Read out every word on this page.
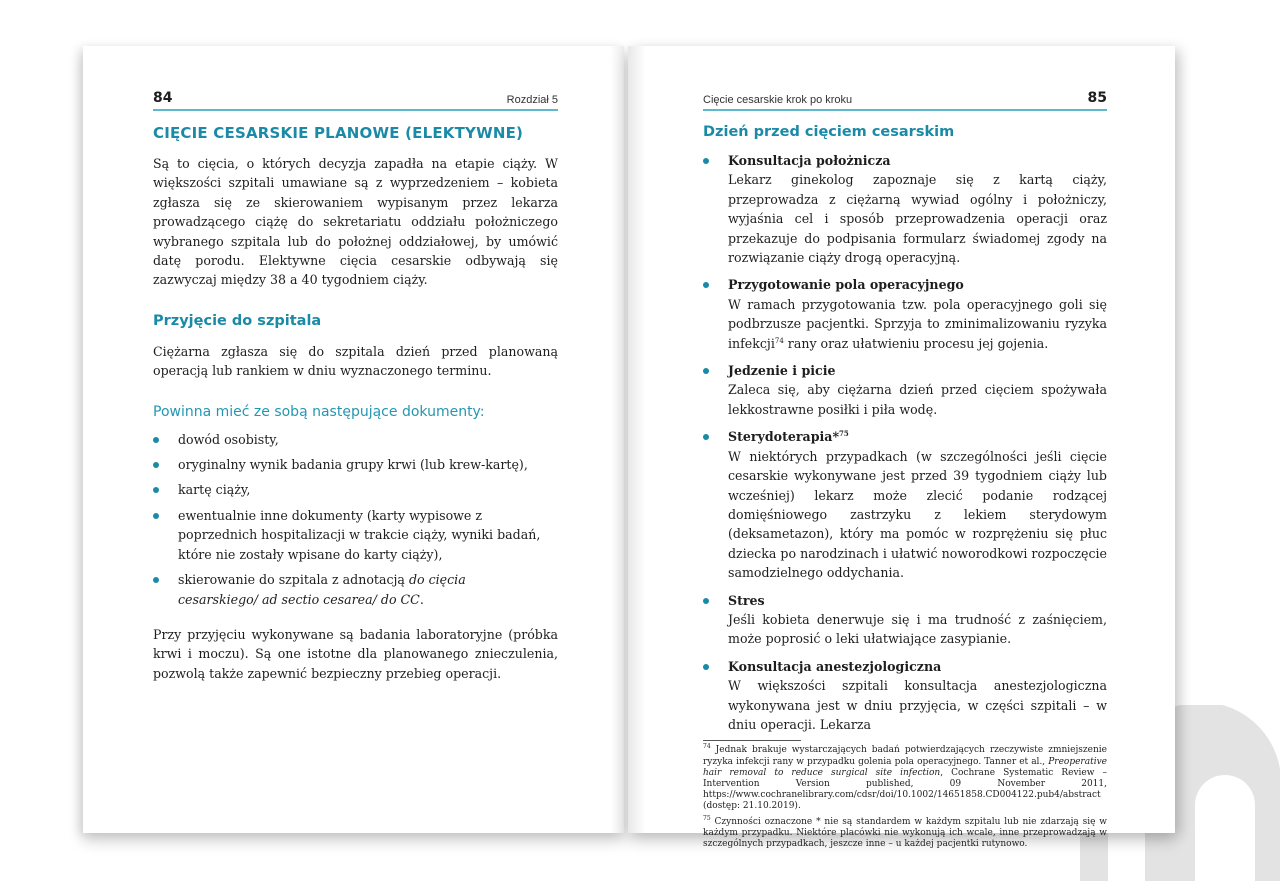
84	Rozdział 5
CIĘCIE CESARSKIE PLANOWE (ELEKTYWNE)

Są to cięcia, o których decyzja zapadła na etapie ciąży. W większości szpitali umawiane są z wyprzedzeniem – kobieta zgłasza się ze skierowaniem wypisanym przez lekarza prowadzącego ciążę do sekretariatu oddziału położniczego wybranego szpitala lub do położnej oddziałowej, by umówić datę porodu. Elektywne cięcia cesarskie odbywają się zazwyczaj między 38 a 40 tygodniem ciąży.

Przyjęcie do szpitala

Ciężarna zgłasza się do szpitala dzień przed planowaną operacją lub rankiem w dniu wyznaczonego terminu.

Powinna mieć ze sobą następujące dokumenty:
dowód osobisty,
oryginalny wynik badania grupy krwi (lub krew-kartę),
kartę ciąży,
ewentualnie inne dokumenty (karty wypisowe z poprzednich hospitalizacji w trakcie ciąży, wyniki badań, które nie zostały wpisane do karty ciąży),
skierowanie do szpitala z adnotacją do cięcia cesarskiego/ ad sectio cesarea/ do CC.

Przy przyjęciu wykonywane są badania laboratoryjne (próbka krwi i moczu). Są one istotne dla planowanego znieczulenia, pozwolą także zapewnić bezpieczny przebieg operacji.

Cięcie cesarskie krok po kroku	85
Dzień przed cięciem cesarskim
Konsultacja położnicza
Lekarz ginekolog zapoznaje się z kartą ciąży, przeprowadza z ciężarną wywiad ogólny i położniczy, wyjaśnia cel i sposób przeprowadzenia operacji oraz przekazuje do podpisania formularz świadomej zgody na rozwiązanie ciąży drogą operacyjną.
Przygotowanie pola operacyjnego
W ramach przygotowania tzw. pola operacyjnego goli się podbrzusze pacjentki. Sprzyja to zminimalizowaniu ryzyka infekcji$^{74}$ rany oraz ułatwieniu procesu jej gojenia.
Jedzenie i picie
Zaleca się, aby ciężarna dzień przed cięciem spożywała lekkostrawne posiłki i piła wodę.
Sterydoterapia*$^{75}$
W niektórych przypadkach (w szczególności jeśli cięcie cesarskie wykonywane jest przed 39 tygodniem ciąży lub wcześniej) lekarz może zlecić podanie rodzącej domięśniowego zastrzyku z lekiem sterydowym (deksametazon), który ma pomóc w rozprężeniu się płuc dziecka po narodzinach i ułatwić noworodkowi rozpoczęcie samodzielnego oddychania.
Stres
Jeśli kobieta denerwuje się i ma trudność z zaśnięciem, może poprosić o leki ułatwiające zasypianie.
Konsultacja anestezjologiczna
W większości szpitali konsultacja anestezjologiczna wykonywana jest w dniu przyjęcia, w części szpitali – w dniu operacji. Lekarza

$^{74}$ Jednak brakuje wystarczających badań potwierdzających rzeczywiste zmniejszenie ryzyka infekcji rany w przypadku golenia pola operacyjnego. Tanner et al., Preoperative hair removal to reduce surgical site infection, Cochrane Systematic Review – Intervention Version published, 09 November 2011, https://www.cochranelibrary.com/cdsr/doi/10.1002/14651858.CD004122.pub4/abstract (dostęp: 21.10.2019).

$^{75}$ Czynności oznaczone * nie są standardem w każdym szpitalu lub nie zdarzają się w każdym przypadku. Niektóre placówki nie wykonują ich wcale, inne przeprowadzają w szczególnych przypadkach, jeszcze inne – u każdej pacjentki rutynowo.
